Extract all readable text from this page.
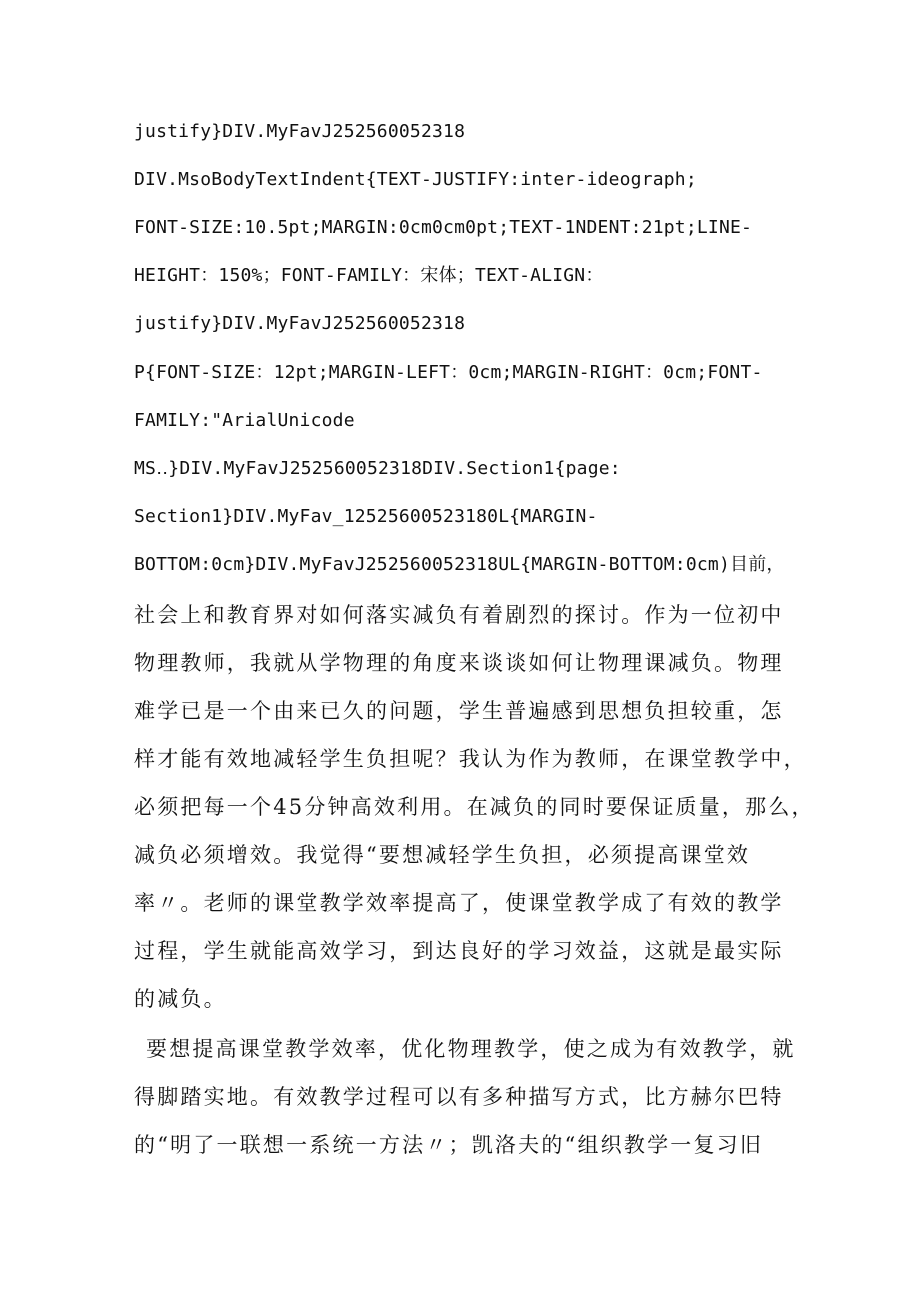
justify}DIV.MyFavJ252560052318
DIV.MsoBodyTextIndent{TEXT-JUSTIFY:inter-ideograph;
FONT-SIZE:10.5pt;MARGIN:0cm0cm0pt;TEXT-1NDENT:21pt;LINE-
HEIGHT：150%；FONT-FAMILY：宋体；TEXT-ALIGN：
justify}DIV.MyFavJ252560052318
P{FONT-SIZE：12pt;MARGIN-LEFT：0cm;MARGIN-RIGHT：0cm;FONT-
FAMILY:"ArialUnicode
MS‥}DIV.MyFavJ252560052318DIV.Section1{page:
Section1}DIV.MyFav_12525600523180L{MARGIN-
BOTTOM:0cm}DIV.MyFavJ252560052318UL{MARGIN-BOTTOM:0cm)目前，
社会上和教育界对如何落实减负有着剧烈的探讨。作为一位初中
物理教师，我就从学物理的角度来谈谈如何让物理课减负。物理
难学已是一个由来已久的问题，学生普遍感到思想负担较重，怎
样才能有效地减轻学生负担呢？我认为作为教师，在课堂教学中，
必须把每一个45分钟高效利用。在减负的同时要保证质量，那么，
减负必须增效。我觉得“要想减轻学生负担，必须提高课堂效
率〃。老师的课堂教学效率提高了，使课堂教学成了有效的教学
过程，学生就能高效学习，到达良好的学习效益，这就是最实际
的减负。
要想提高课堂教学效率，优化物理教学，使之成为有效教学，就
得脚踏实地。有效教学过程可以有多种描写方式，比方赫尔巴特
的“明了一联想一系统一方法〃；凯洛夫的“组织教学一复习旧
